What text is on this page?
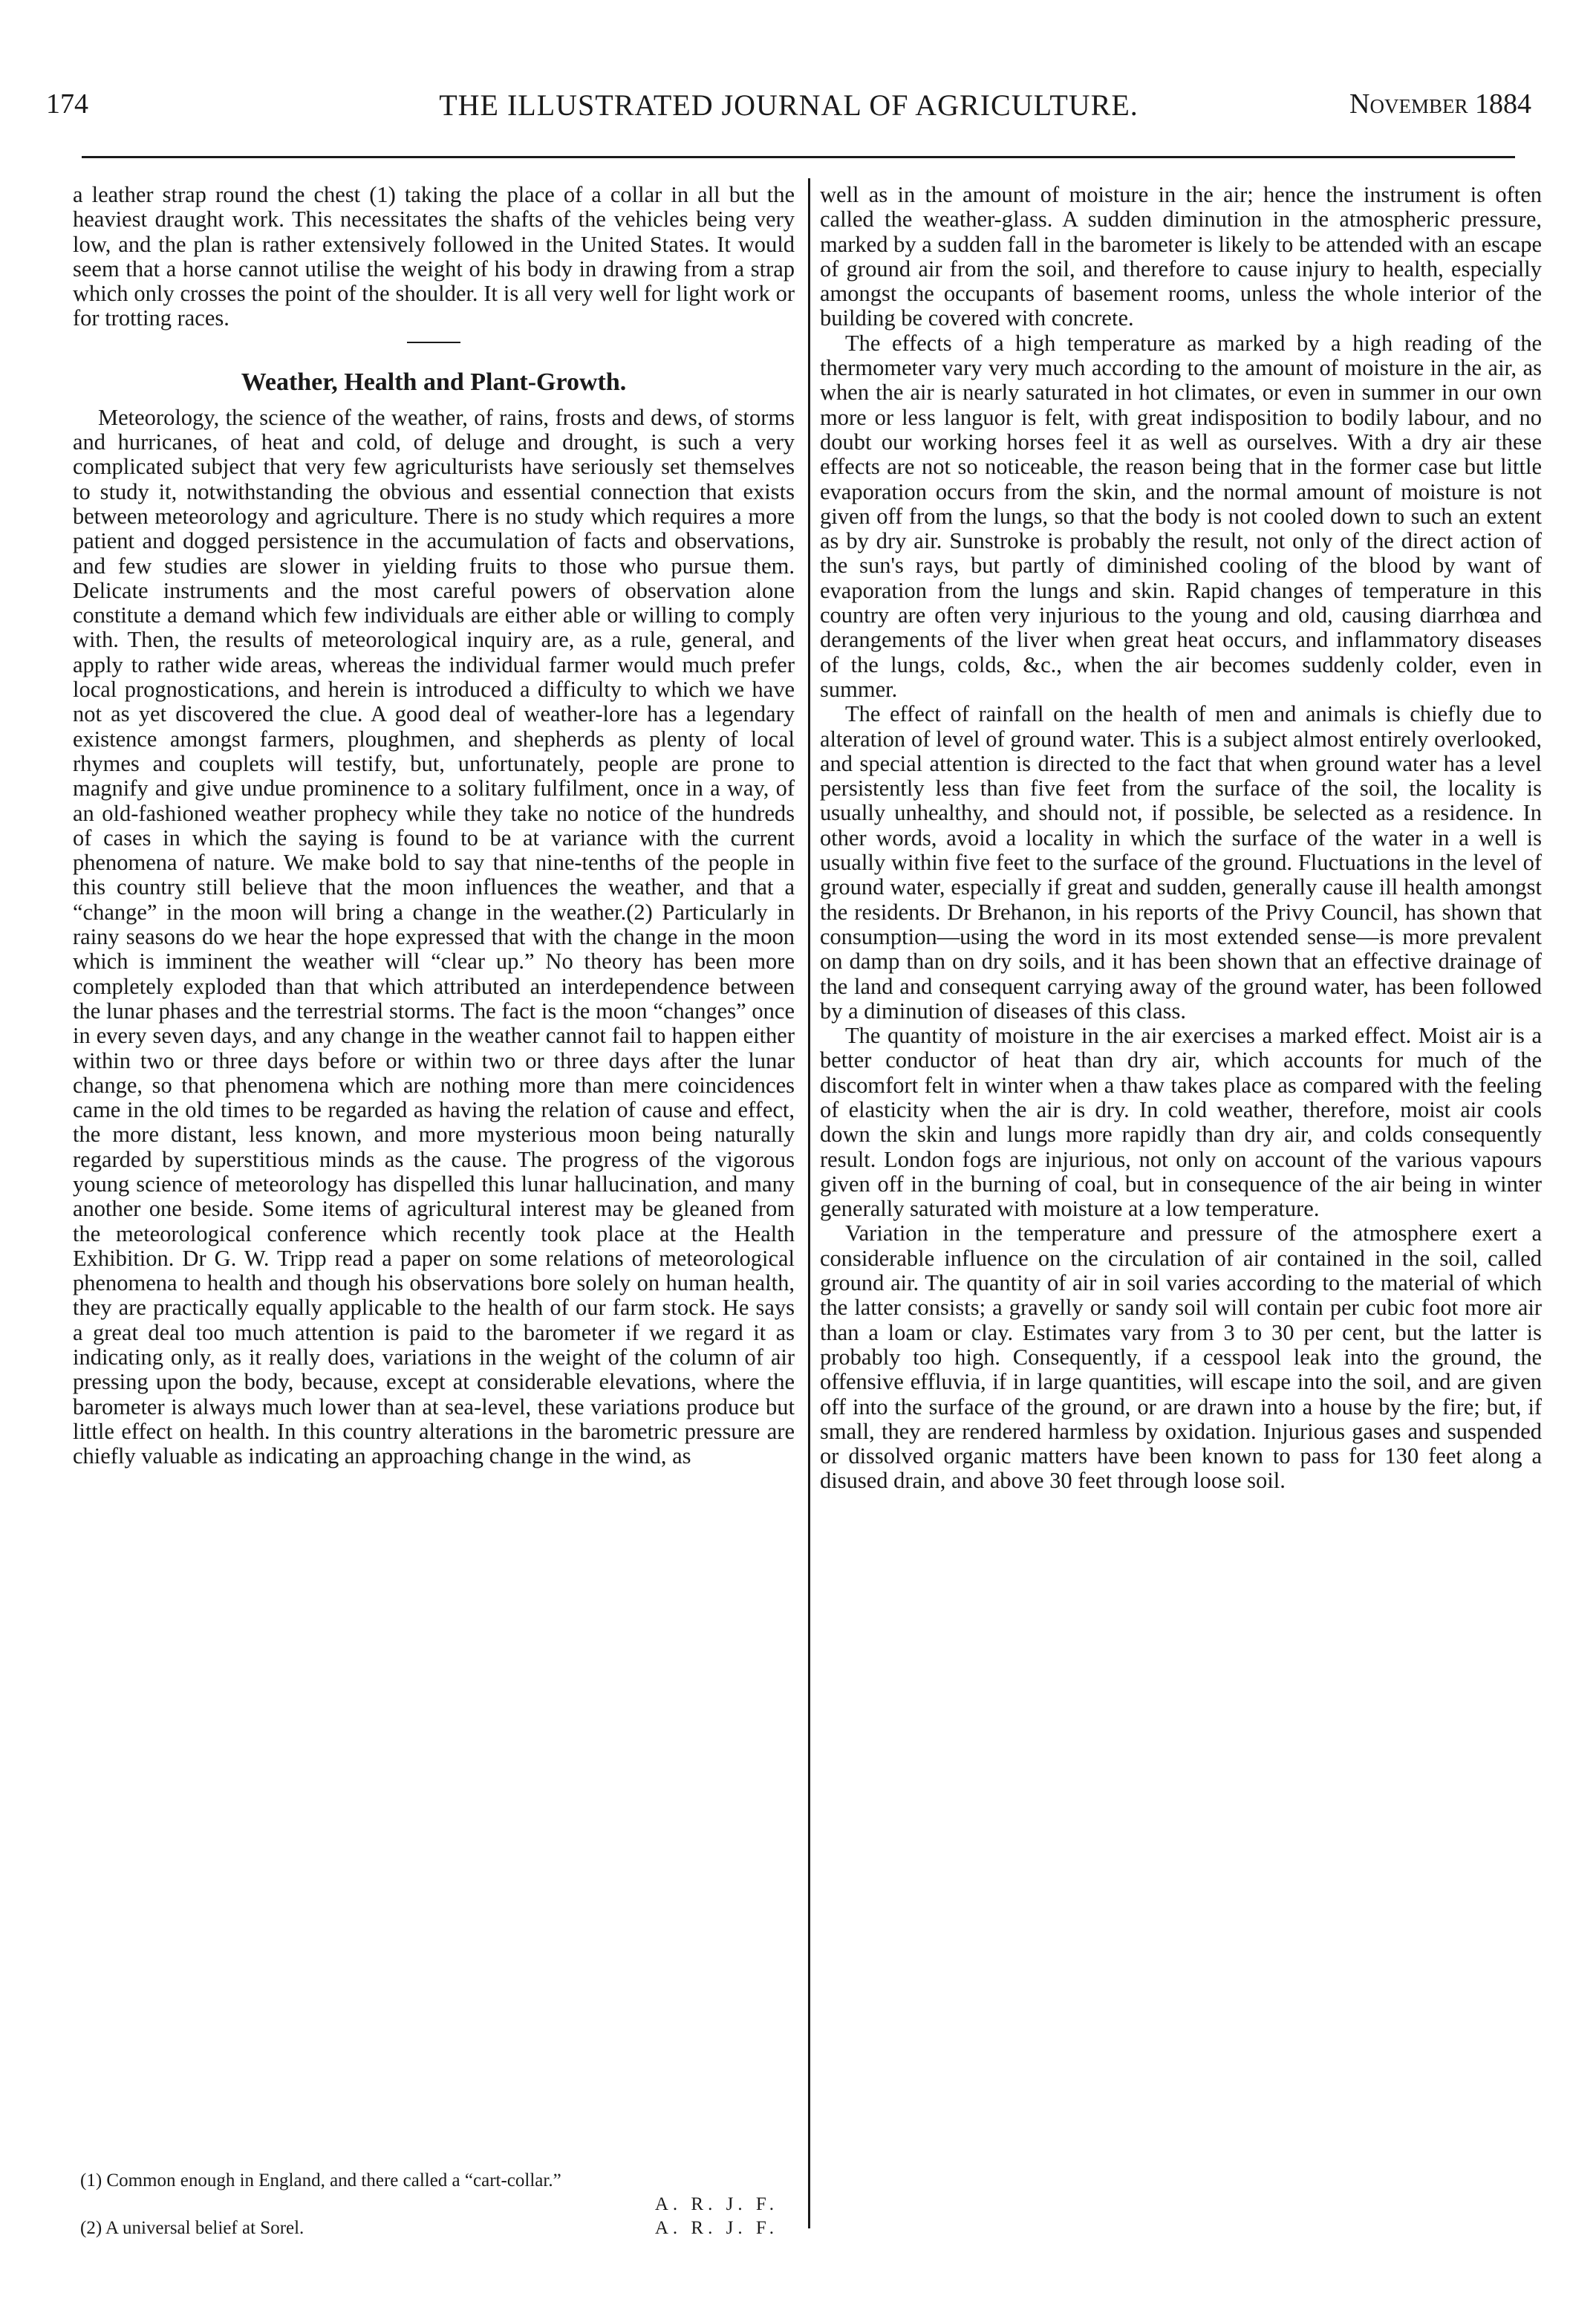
174	THE ILLUSTRATED JOURNAL OF AGRICULTURE.	November 1884

a leather strap round the chest (1) taking the place of a collar in all but the heaviest draught work. This necessitates the shafts of the vehicles being very low, and the plan is rather extensively followed in the United States. It would seem that a horse cannot utilise the weight of his body in drawing from a strap which only crosses the point of the shoulder. It is all very well for light work or for trotting races.

Weather, Health and Plant-Growth.

Meteorology, the science of the weather, of rains, frosts and dews, of storms and hurricanes, of heat and cold, of deluge and drought, is such a very complicated subject that very few agriculturists have seriously set themselves to study it, notwithstanding the obvious and essential connection that exists between meteorology and agriculture. There is no study which requires a more patient and dogged persistence in the accumulation of facts and observations, and few studies are slower in yielding fruits to those who pursue them. Delicate instruments and the most careful powers of observation alone constitute a demand which few individuals are either able or willing to comply with. Then, the results of meteorological inquiry are, as a rule, general, and apply to rather wide areas, whereas the individual farmer would much prefer local prognostications, and herein is introduced a difficulty to which we have not as yet discovered the clue. A good deal of weather-lore has a legendary existence amongst farmers, ploughmen, and shepherds as plenty of local rhymes and couplets will testify, but, unfortunately, people are prone to magnify and give undue prominence to a solitary fulfilment, once in a way, of an old-fashioned weather prophecy while they take no notice of the hundreds of cases in which the saying is found to be at variance with the current phenomena of nature. We make bold to say that nine-tenths of the people in this country still believe that the moon influences the weather, and that a “change” in the moon will bring a change in the weather.(2) Particularly in rainy seasons do we hear the hope expressed that with the change in the moon which is imminent the weather will “clear up.” No theory has been more completely exploded than that which attributed an interdependence between the lunar phases and the terrestrial storms. The fact is the moon “changes” once in every seven days, and any change in the weather cannot fail to happen either within two or three days before or within two or three days after the lunar change, so that phenomena which are nothing more than mere coincidences came in the old times to be regarded as having the relation of cause and effect, the more distant, less known, and more mysterious moon being naturally regarded by superstitious minds as the cause. The progress of the vigorous young science of meteorology has dispelled this lunar hallucination, and many another one beside. Some items of agricultural interest may be gleaned from the meteorological conference which recently took place at the Health Exhibition. Dr G. W. Tripp read a paper on some relations of meteorological phenomena to health and though his observations bore solely on human health, they are practically equally applicable to the health of our farm stock. He says a great deal too much attention is paid to the barometer if we regard it as indicating only, as it really does, variations in the weight of the column of air pressing upon the body, because, except at considerable elevations, where the barometer is always much lower than at sea-level, these variations produce but little effect on health. In this country alterations in the barometric pressure are chiefly valuable as indicating an approaching change in the wind, as

(1) Common enough in England, and there called a “cart-collar.”
A. R. J. F.
(2) A universal belief at Sorel.	A. R. J. F.

well as in the amount of moisture in the air; hence the instrument is often called the weather-glass. A sudden diminution in the atmospheric pressure, marked by a sudden fall in the barometer is likely to be attended with an escape of ground air from the soil, and therefore to cause injury to health, especially amongst the occupants of basement rooms, unless the whole interior of the building be covered with concrete.

The effects of a high temperature as marked by a high reading of the thermometer vary very much according to the amount of moisture in the air, as when the air is nearly saturated in hot climates, or even in summer in our own more or less languor is felt, with great indisposition to bodily labour, and no doubt our working horses feel it as well as ourselves. With a dry air these effects are not so noticeable, the reason being that in the former case but little evaporation occurs from the skin, and the normal amount of moisture is not given off from the lungs, so that the body is not cooled down to such an extent as by dry air. Sunstroke is probably the result, not only of the direct action of the sun's rays, but partly of diminished cooling of the blood by want of evaporation from the lungs and skin. Rapid changes of temperature in this country are often very injurious to the young and old, causing diarrhœa and derangements of the liver when great heat occurs, and inflammatory diseases of the lungs, colds, &c., when the air becomes suddenly colder, even in summer.

The effect of rainfall on the health of men and animals is chiefly due to alteration of level of ground water. This is a subject almost entirely overlooked, and special attention is directed to the fact that when ground water has a level persistently less than five feet from the surface of the soil, the locality is usually unhealthy, and should not, if possible, be selected as a residence. In other words, avoid a locality in which the surface of the water in a well is usually within five feet to the surface of the ground. Fluctuations in the level of ground water, especially if great and sudden, generally cause ill health amongst the residents. Dr Brehanon, in his reports of the Privy Council, has shown that consumption—using the word in its most extended sense—is more prevalent on damp than on dry soils, and it has been shown that an effective drainage of the land and consequent carrying away of the ground water, has been followed by a diminution of diseases of this class.

The quantity of moisture in the air exercises a marked effect. Moist air is a better conductor of heat than dry air, which accounts for much of the discomfort felt in winter when a thaw takes place as compared with the feeling of elasticity when the air is dry. In cold weather, therefore, moist air cools down the skin and lungs more rapidly than dry air, and colds consequently result. London fogs are injurious, not only on account of the various vapours given off in the burning of coal, but in consequence of the air being in winter generally saturated with moisture at a low temperature.

Variation in the temperature and pressure of the atmosphere exert a considerable influence on the circulation of air contained in the soil, called ground air. The quantity of air in soil varies according to the material of which the latter consists; a gravelly or sandy soil will contain per cubic foot more air than a loam or clay. Estimates vary from 3 to 30 per cent, but the latter is probably too high. Consequently, if a cesspool leak into the ground, the offensive effluvia, if in large quantities, will escape into the soil, and are given off into the surface of the ground, or are drawn into a house by the fire; but, if small, they are rendered harmless by oxidation. Injurious gases and suspended or dissolved organic matters have been known to pass for 130 feet along a disused drain, and above 30 feet through loose soil.
